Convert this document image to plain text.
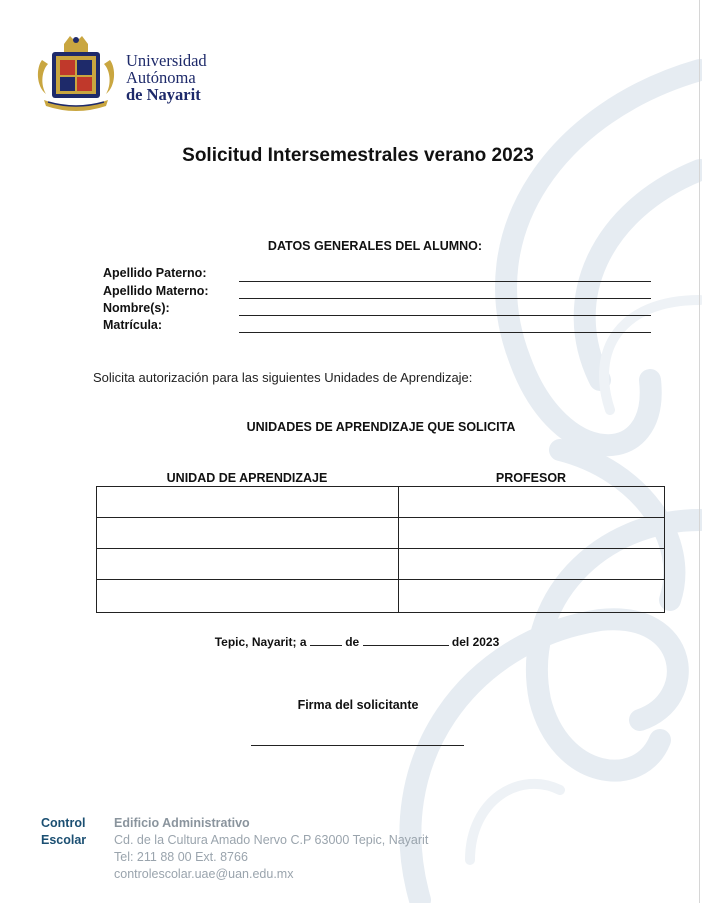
Universidad
Autónoma
de Nayarit
Solicitud Intersemestrales verano 2023
DATOS GENERALES DEL ALUMNO:
Apellido Paterno:
Apellido Materno:
Nombre(s):
Matrícula:
Solicita autorización para las siguientes Unidades de Aprendizaje:
UNIDADES DE APRENDIZAJE QUE SOLICITA
UNIDAD DE APRENDIZAJE	PROFESOR

Tepic, Nayarit; a	de	del 2023
Firma del solicitante
Control
Escolar
Edificio Administrativo
Cd. de la Cultura Amado Nervo C.P 63000 Tepic, Nayarit
Tel: 211 88 00 Ext. 8766
controlescolar.uae@uan.edu.mx
